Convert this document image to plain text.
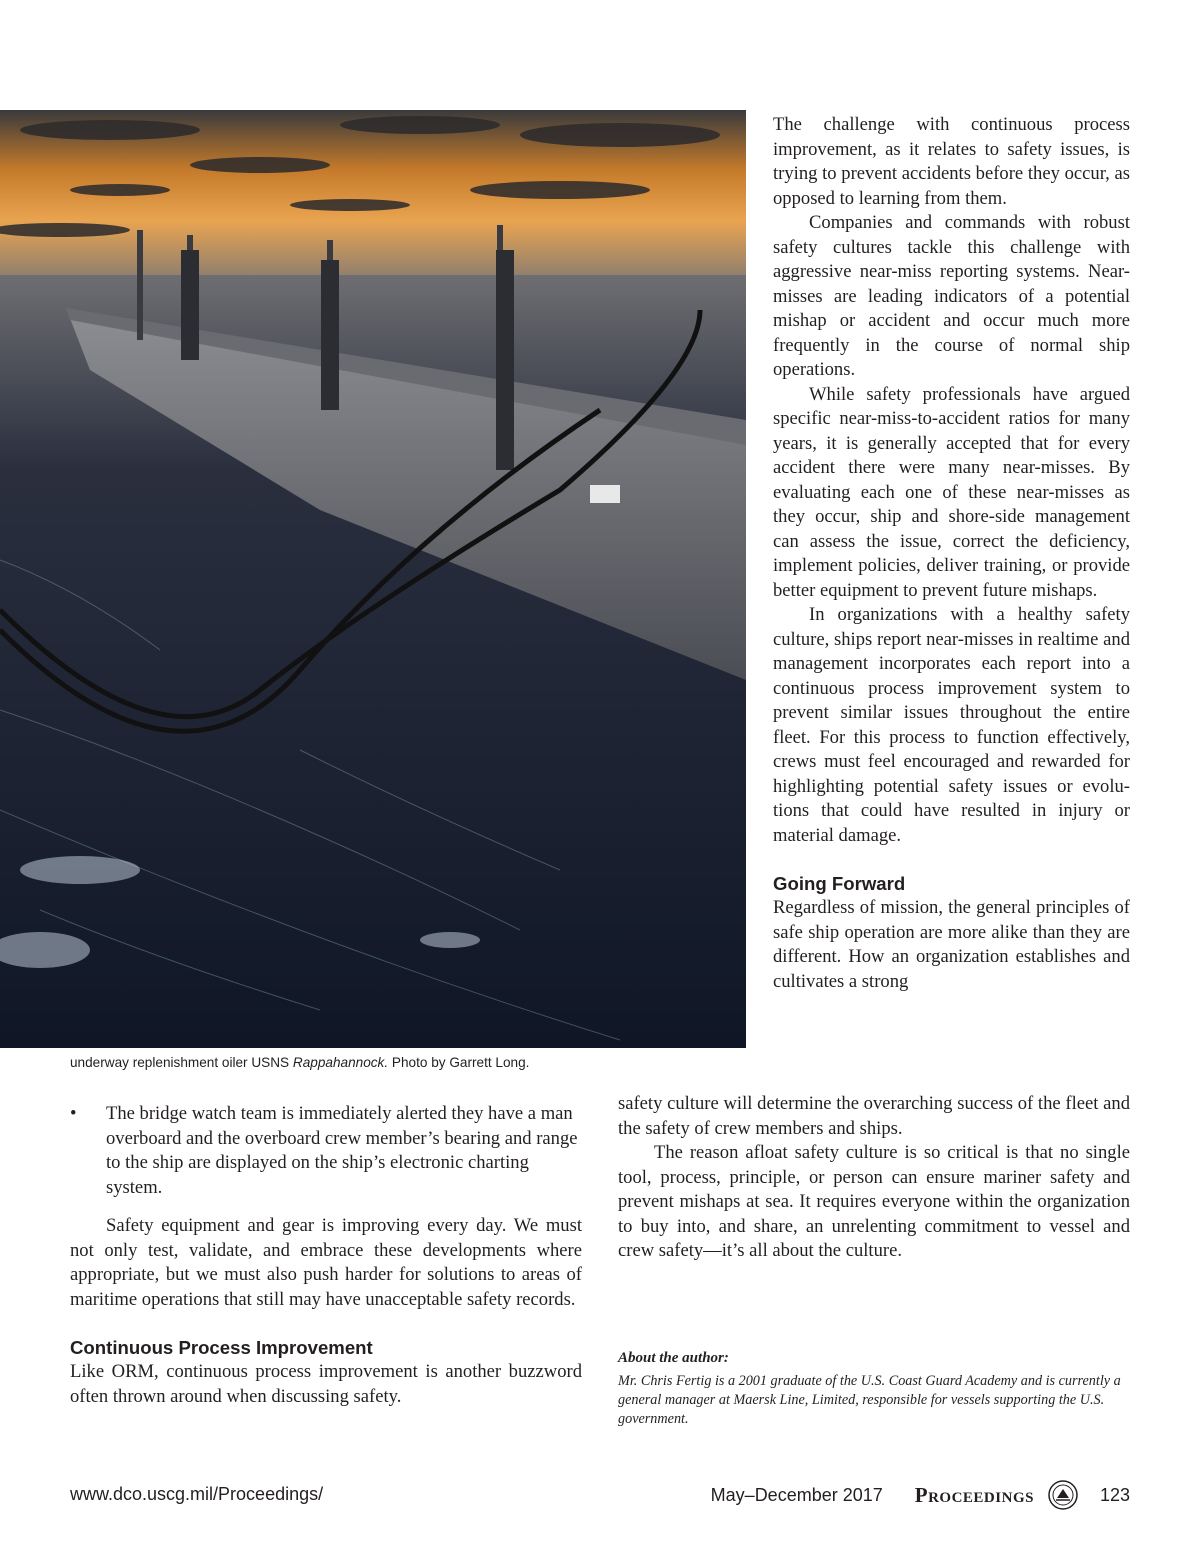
underway replenishment oiler USNS Rappahannock. Photo by Garrett Long.

The challenge with continuous process improvement, as it relates to safety issues, is trying to prevent accidents before they occur, as opposed to learning from them.

Companies and commands with robust safety cultures tackle this challenge with aggressive near-miss reporting systems. Near-misses are leading indicators of a potential mishap or accident and occur much more frequently in the course of normal ship operations.

While safety professionals have argued specific near-miss-to-accident ratios for many years, it is generally accepted that for every accident there were many near-misses. By evaluating each one of these near-misses as they occur, ship and shore-side management can assess the issue, correct the deficiency, implement policies, deliver training, or provide better equipment to prevent future mishaps.

In organizations with a healthy safety culture, ships report near-misses in realtime and management incorporates each report into a continuous process improvement system to prevent similar issues throughout the entire fleet. For this process to function effectively, crews must feel encouraged and rewarded for highlighting potential safety issues or evolutions that could have resulted in injury or material damage.

Going Forward

Regardless of mission, the general principles of safe ship operation are more alike than they are different. How an organization establishes and cultivates a strong

• The bridge watch team is immediately alerted they have a man overboard and the overboard crew member’s bearing and range to the ship are displayed on the ship’s electronic charting system.

Safety equipment and gear is improving every day. We must not only test, validate, and embrace these developments where appropriate, but we must also push harder for solutions to areas of maritime operations that still may have unacceptable safety records.

Continuous Process Improvement

Like ORM, continuous process improvement is another buzzword often thrown around when discussing safety.

safety culture will determine the overarching success of the fleet and the safety of crew members and ships.

The reason afloat safety culture is so critical is that no single tool, process, principle, or person can ensure mariner safety and prevent mishaps at sea. It requires everyone within the organization to buy into, and share, an unrelenting commitment to vessel and crew safety—it’s all about the culture.

About the author:
Mr. Chris Fertig is a 2001 graduate of the U.S. Coast Guard Academy and is currently a general manager at Maersk Line, Limited, responsible for vessels supporting the U.S. government.
www.dco.uscg.mil/Proceedings/	May–December 2017 Proceedings	123
